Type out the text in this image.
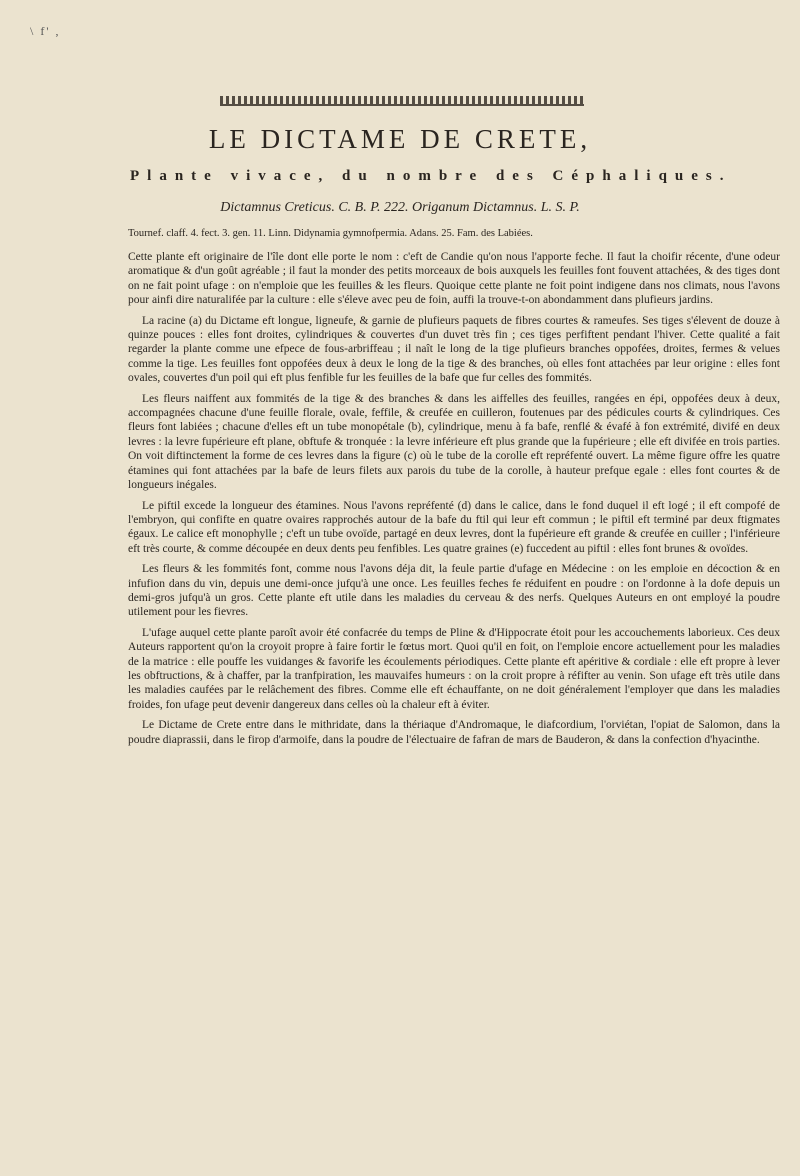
\ f' ,
LE DICTAME DE CRETE,
Plante vivace, du nombre des Céphaliques.
Dictamnus Creticus. C. B. P. 222. Origanum Dictamnus. L. S. P.
Tournef. claff. 4. fect. 3. gen. 11. Linn. Didynamia gymnofpermia. Adans. 25. Fam. des Labiées.

Cette plante eft originaire de l'île dont elle porte le nom : c'eft de Candie qu'on nous l'apporte feche. Il faut la choifir récente, d'une odeur aromatique & d'un goût agréable ; il faut la monder des petits morceaux de bois auxquels les feuilles font fouvent attachées, & des tiges dont on ne fait point ufage : on n'emploie que les feuilles & les fleurs. Quoique cette plante ne foit point indigene dans nos climats, nous l'avons pour ainfi dire naturalifée par la culture : elle s'éleve avec peu de foin, auffi la trouve-t-on abondamment dans plufieurs jardins.

La racine (a) du Dictame eft longue, ligneufe, & garnie de plufieurs paquets de fibres courtes & rameufes. Ses tiges s'élevent de douze à quinze pouces : elles font droites, cylindriques & couvertes d'un duvet très fin ; ces tiges perfiftent pendant l'hiver. Cette qualité a fait regarder la plante comme une efpece de fous-arbriffeau ; il naît le long de la tige plufieurs branches oppofées, droites, fermes & velues comme la tige. Les feuilles font oppofées deux à deux le long de la tige & des branches, où elles font attachées par leur origine : elles font ovales, couvertes d'un poil qui eft plus fenfible fur les feuilles de la bafe que fur celles des fommités.

Les fleurs naiffent aux fommités de la tige & des branches & dans les aiffelles des feuilles, rangées en épi, oppofées deux à deux, accompagnées chacune d'une feuille florale, ovale, feffile, & creufée en cuilleron, foutenues par des pédicules courts & cylindriques. Ces fleurs font labiées ; chacune d'elles eft un tube monopétale (b), cylindrique, menu à fa bafe, renflé & évafé à fon extrémité, divifé en deux levres : la levre fupérieure eft plane, obftufe & tronquée : la levre inférieure eft plus grande que la fupérieure ; elle eft divifée en trois parties. On voit diftinctement la forme de ces levres dans la figure (c) où le tube de la corolle eft repréfenté ouvert. La même figure offre les quatre étamines qui font attachées par la bafe de leurs filets aux parois du tube de la corolle, à hauteur prefque egale : elles font courtes & de longueurs inégales.

Le piftil excede la longueur des étamines. Nous l'avons repréfenté (d) dans le calice, dans le fond duquel il eft logé ; il eft compofé de l'embryon, qui confifte en quatre ovaires rapprochés autour de la bafe du ftil qui leur eft commun ; le piftil eft terminé par deux ftigmates égaux. Le calice eft monophylle ; c'eft un tube ovoïde, partagé en deux levres, dont la fupérieure eft grande & creufée en cuiller ; l'inférieure eft très courte, & comme découpée en deux dents peu fenfibles. Les quatre graines (e) fuccedent au piftil : elles font brunes & ovoïdes.

Les fleurs & les fommités font, comme nous l'avons déja dit, la feule partie d'ufage en Médecine : on les emploie en décoction & en infufion dans du vin, depuis une demi-once jufqu'à une once. Les feuilles feches fe réduifent en poudre : on l'ordonne à la dofe depuis un demi-gros jufqu'à un gros. Cette plante eft utile dans les maladies du cerveau & des nerfs. Quelques Auteurs en ont employé la poudre utilement pour les fievres.

L'ufage auquel cette plante paroît avoir été confacrée du temps de Pline & d'Hippocrate étoit pour les accouchements laborieux. Ces deux Auteurs rapportent qu'on la croyoit propre à faire fortir le fœtus mort. Quoi qu'il en foit, on l'emploie encore actuellement pour les maladies de la matrice : elle pouffe les vuidanges & favorife les écoulements périodiques. Cette plante eft apéritive & cordiale : elle eft propre à lever les obftructions, & à chaffer, par la tranfpiration, les mauvaifes humeurs : on la croit propre à réfifter au venin. Son ufage eft très utile dans les maladies caufées par le relâchement des fibres. Comme elle eft échauffante, on ne doit généralement l'employer que dans les maladies froides, fon ufage peut devenir dangereux dans celles où la chaleur eft à éviter.

Le Dictame de Crete entre dans le mithridate, dans la thériaque d'Andromaque, le diafcordium, l'orviétan, l'opiat de Salomon, dans la poudre diaprassii, dans le firop d'armoife, dans la poudre de l'électuaire de fafran de mars de Bauderon, & dans la confection d'hyacinthe.
